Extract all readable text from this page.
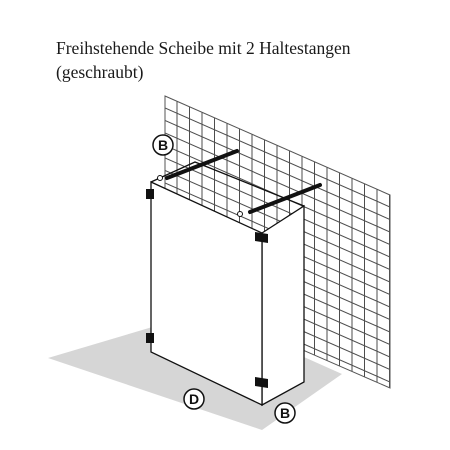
Freihstehende Scheibe mit 2 Haltestangen
(geschraubt)
B
D
B
